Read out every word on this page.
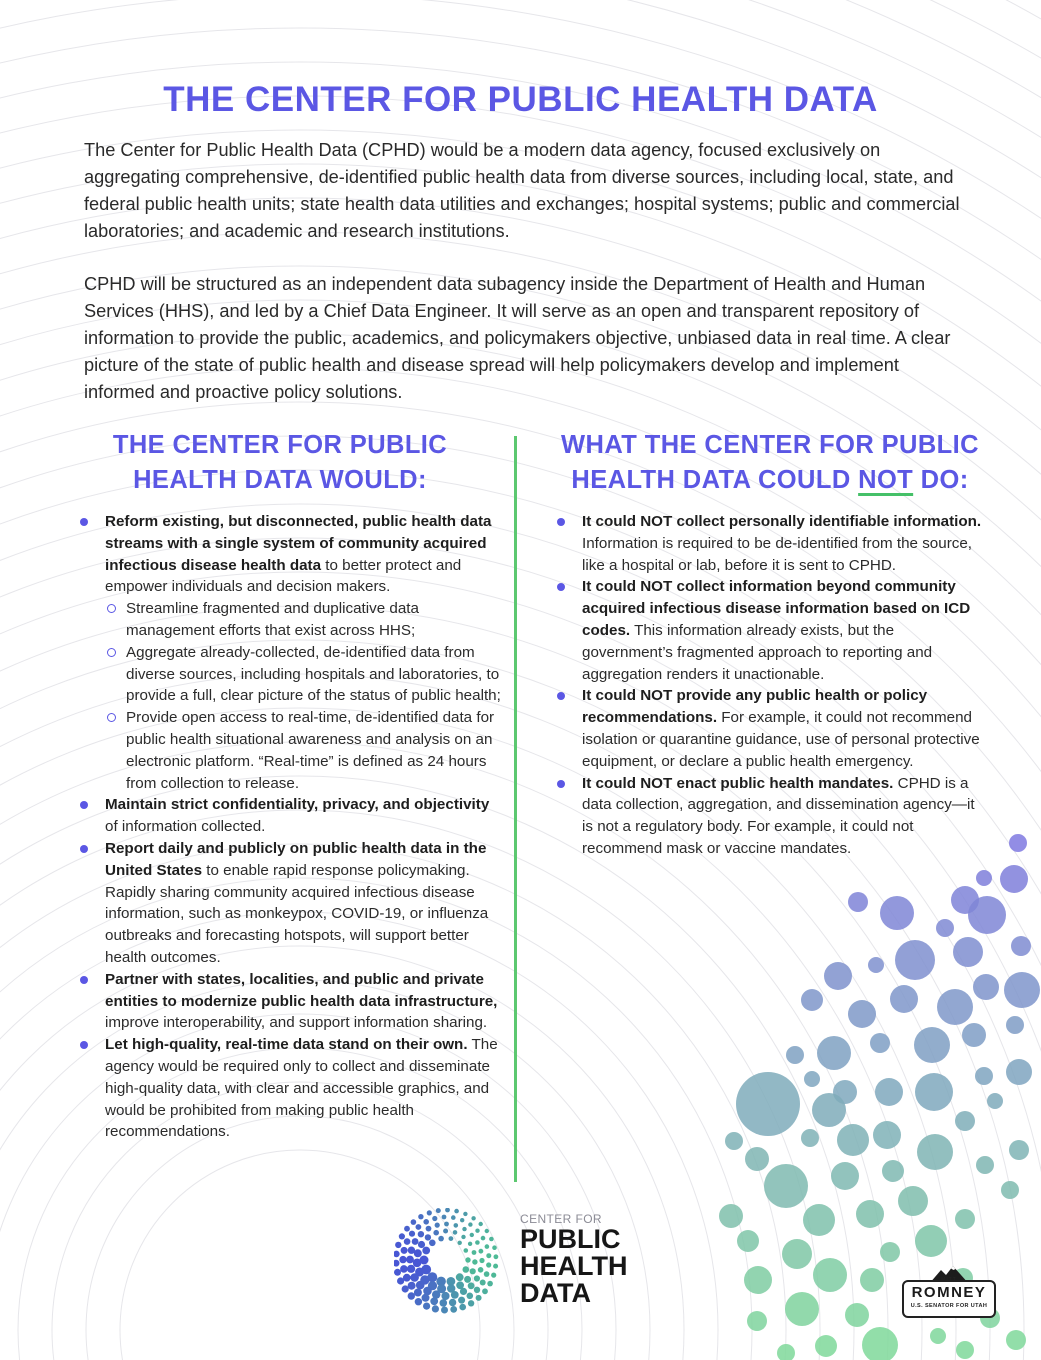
THE CENTER FOR PUBLIC HEALTH DATA

The Center for Public Health Data (CPHD) would be a modern data agency, focused exclusively on aggregating comprehensive, de-identified public health data from diverse sources, including local, state, and federal public health units; state health data utilities and exchanges; hospital systems; public and commercial laboratories; and academic and research institutions.

CPHD will be structured as an independent data subagency inside the Department of Health and Human Services (HHS), and led by a Chief Data Engineer. It will serve as an open and transparent repository of information to provide the public, academics, and policymakers objective, unbiased data in real time. A clear picture of the state of public health and disease spread will help policymakers develop and implement informed and proactive policy solutions.

THE CENTER FOR PUBLIC
HEALTH DATA WOULD:
WHAT THE CENTER FOR PUBLIC
HEALTH DATA COULD NOT DO:
Reform existing, but disconnected, public health data streams with a single system of community acquired infectious disease health data to better protect and empower individuals and decision makers.
Streamline fragmented and duplicative data management efforts that exist across HHS;
Aggregate already-collected, de-identified data from diverse sources, including hospitals and laboratories, to provide a full, clear picture of the status of public health;
Provide open access to real-time, de-identified data for public health situational awareness and analysis on an electronic platform. “Real-time” is defined as 24 hours from collection to release.
Maintain strict confidentiality, privacy, and objectivity of information collected.
Report daily and publicly on public health data in the United States to enable rapid response policymaking. Rapidly sharing community acquired infectious disease information, such as monkeypox, COVID-19, or influenza outbreaks and forecasting hotspots, will support better health outcomes.
Partner with states, localities, and public and private entities to modernize public health data infrastructure, improve interoperability, and support information sharing.
Let high-quality, real-time data stand on their own. The agency would be required only to collect and disseminate high-quality data, with clear and accessible graphics, and would be prohibited from making public health recommendations.
It could NOT collect personally identifiable information. Information is required to be de-identified from the source, like a hospital or lab, before it is sent to CPHD.
It could NOT collect information beyond community acquired infectious disease information based on ICD codes. This information already exists, but the government’s fragmented approach to reporting and aggregation renders it unactionable.
It could NOT provide any public health or policy recommendations. For example, it could not recommend isolation or quarantine guidance, use of personal protective equipment, or declare a public health emergency.
It could NOT enact public health mandates. CPHD is a data collection, aggregation, and dissemination agency—it is not a regulatory body. For example, it could not recommend mask or vaccine mandates.
CENTER FOR
PUBLIC
HEALTH
DATA	MITT
ROMNEY
U.S. SENATOR FOR UTAH
